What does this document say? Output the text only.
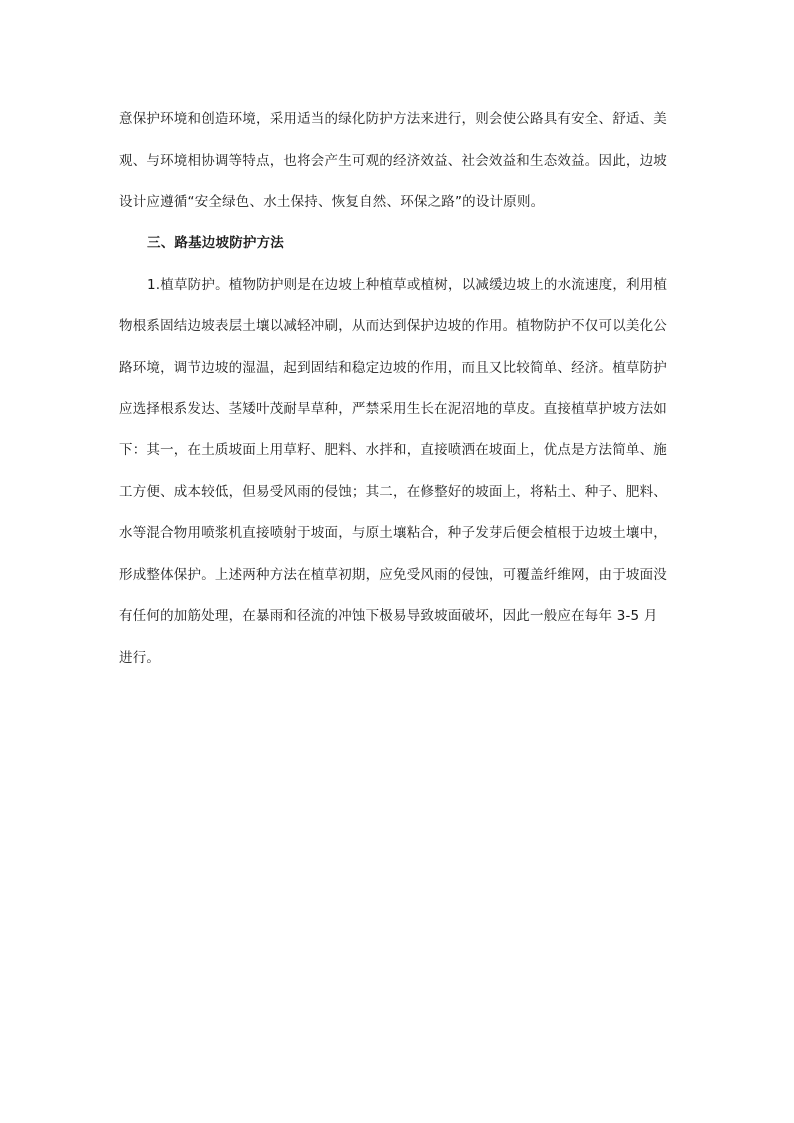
意保护环境和创造环境，采用适当的绿化防护方法来进行，则会使公路具有安全、舒适、美
观、与环境相协调等特点，也将会产生可观的经济效益、社会效益和生态效益。因此，边坡
设计应遵循“安全绿色、水土保持、恢复自然、环保之路”的设计原则。
三、路基边坡防护方法
1.植草防护。植物防护则是在边坡上种植草或植树，以减缓边坡上的水流速度，利用植
物根系固结边坡表层土壤以减轻冲刷，从而达到保护边坡的作用。植物防护不仅可以美化公
路环境，调节边坡的湿温，起到固结和稳定边坡的作用，而且又比较简单、经济。植草防护
应选择根系发达、茎矮叶茂耐旱草种，严禁采用生长在泥沼地的草皮。直接植草护坡方法如
下：其一，在土质坡面上用草籽、肥料、水拌和，直接喷洒在坡面上，优点是方法简单、施
工方便、成本较低，但易受风雨的侵蚀；其二，在修整好的坡面上，将粘土、种子、肥料、
水等混合物用喷浆机直接喷射于坡面，与原土壤粘合，种子发芽后便会植根于边坡土壤中，
形成整体保护。上述两种方法在植草初期，应免受风雨的侵蚀，可覆盖纤维网，由于坡面没
有任何的加筋处理，在暴雨和径流的冲蚀下极易导致坡面破坏，因此一般应在每年 3-5 月
进行。
